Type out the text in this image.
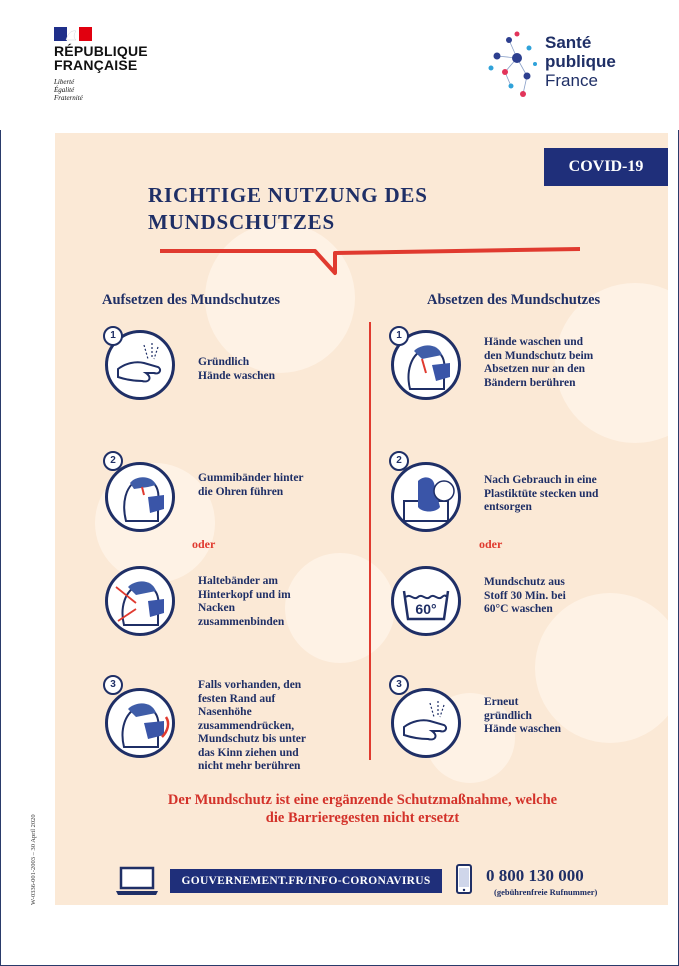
RÉPUBLIQUE
FRANÇAISE
Liberté
Égalité
Fraternité
Santé
publique
France
COVID-19
RICHTIGE NUTZUNG DES
MUNDSCHUTZES
Aufsetzen des Mundschutzes	Absetzen des Mundschutzes
1
Gründlich
Hände waschen
2
Gummibänder hinter
die Ohren führen
oder
Haltebänder am
Hinterkopf und im
Nacken
zusammenbinden
3	Falls vorhanden, den
festen Rand auf
Nasenhöhe
zusammendrücken,
Mundschutz bis unter
das Kinn ziehen und
nicht mehr berühren
1
Hände waschen und
den Mundschutz beim
Absetzen nur an den
Bändern berühren
2
Nach Gebrauch in eine
Plastiktüte stecken und
entsorgen
oder
60°
Mundschutz aus
Stoff 30 Min. bei
60°C waschen
3
Erneut
gründlich
Hände waschen
Der Mundschutz ist eine ergänzende Schutzmaßnahme, welche
die Barrieregesten nicht ersetzt
GOUVERNEMENT.FR/INFO-CORONAVIRUS	0 800 130 000
(gebührenfreie Rufnummer)
W-0336-001-2003 – 30 April 2020
